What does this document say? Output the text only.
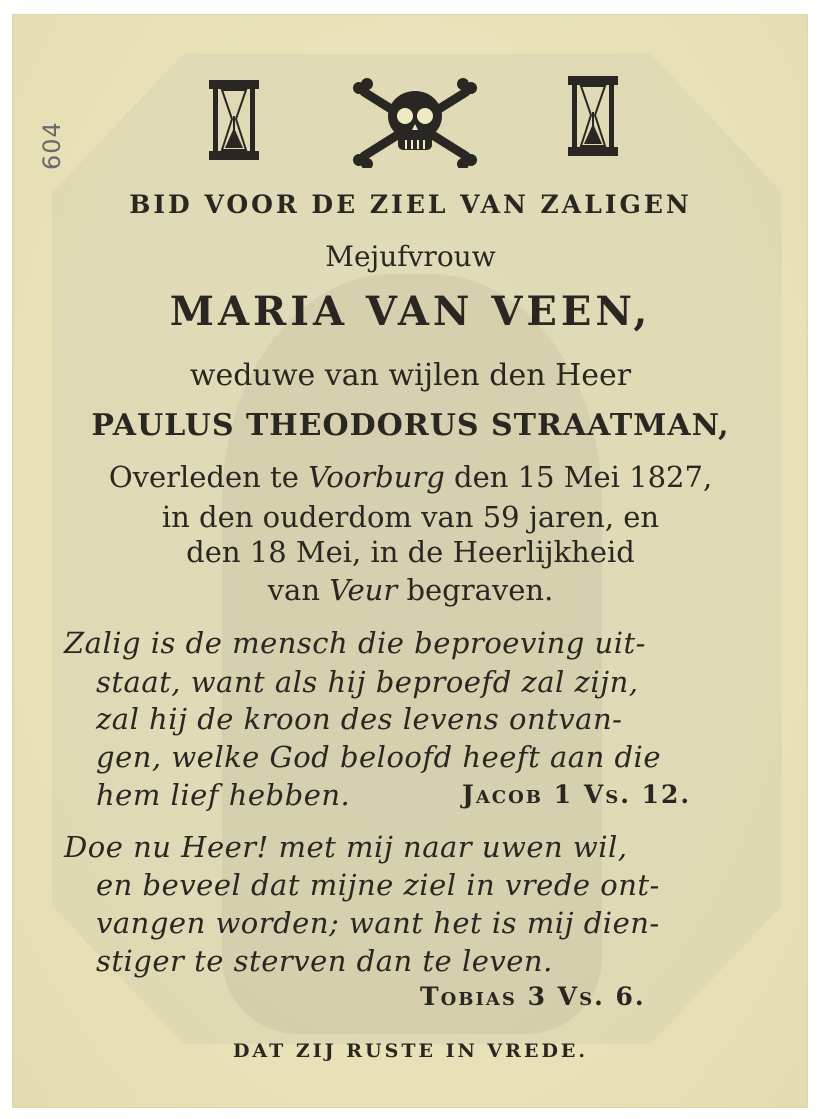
604
BID VOOR DE ZIEL VAN ZALIGEN
Mejufvrouw
MARIA VAN VEEN,
weduwe van wijlen den Heer
PAULUS THEODORUS STRAATMAN,
Overleden te Voorburg den 15 Mei 1827,
in den ouderdom van 59 jaren, en
den 18 Mei, in de Heerlijkheid
van Veur begraven.
Zalig is de mensch die beproeving uit-
staat, want als hij beproefd zal zijn,
zal hij de kroon des levens ontvan-
gen, welke God beloofd heeft aan die
hem lief hebben.	Jacob 1 Vs. 12.
Doe nu Heer! met mij naar uwen wil,
en beveel dat mijne ziel in vrede ont-
vangen worden; want het is mij dien-
stiger te sterven dan te leven.
Tobias 3 Vs. 6.
DAT ZIJ RUSTE IN VREDE.
